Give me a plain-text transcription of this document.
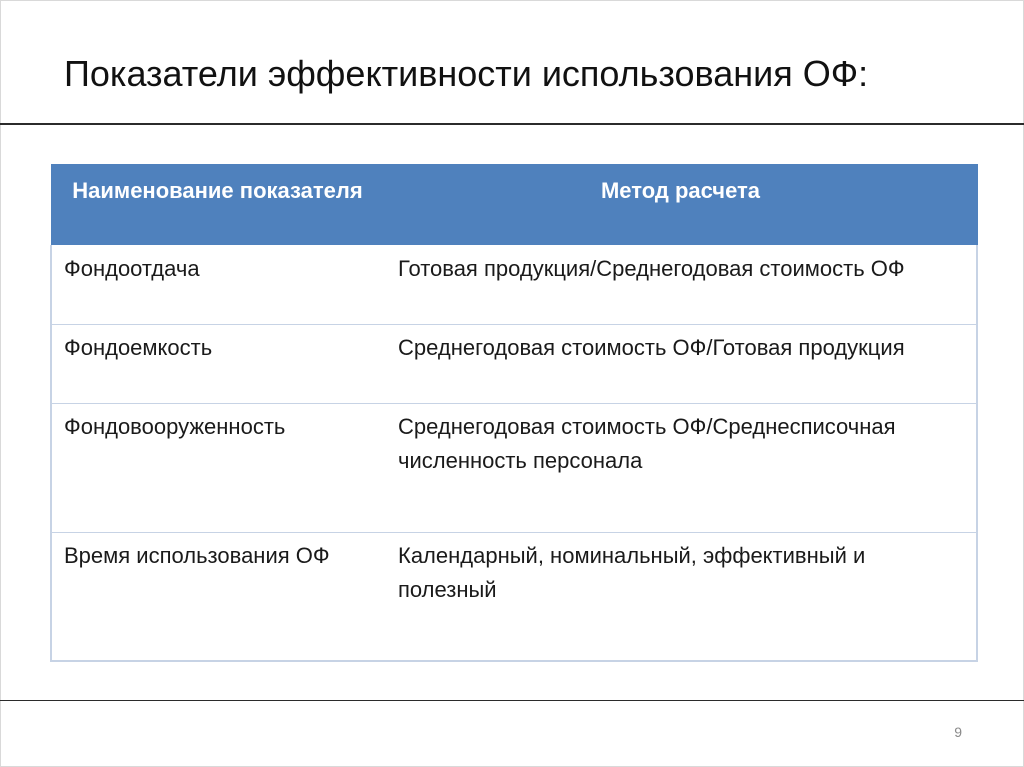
Показатели эффективности использования ОФ:
Наименование показателя	Метод расчета
Фондоотдача	Готовая продукция/Среднегодовая стоимость ОФ
Фондоемкость	Среднегодовая стоимость ОФ/Готовая продукция
Фондовооруженность	Среднегодовая стоимость ОФ/Среднесписочная численность персонала
Время использования ОФ	Календарный, номинальный, эффективный и полезный
9
